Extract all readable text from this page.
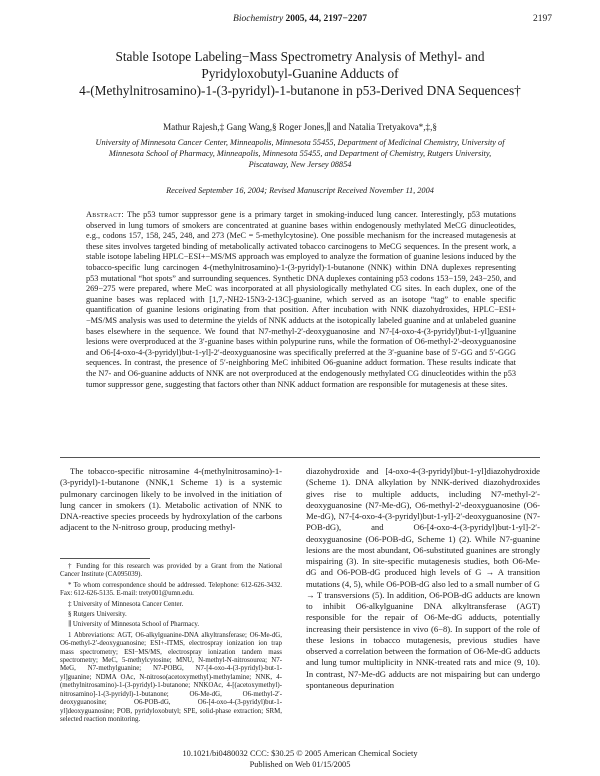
Biochemistry 2005, 44, 2197−2207	2197
Stable Isotope Labeling−Mass Spectrometry Analysis of Methyl- and
Pyridyloxobutyl-Guanine Adducts of
4-(Methylnitrosamino)-1-(3-pyridyl)-1-butanone in p53-Derived DNA Sequences†
Mathur Rajesh,‡ Gang Wang,§ Roger Jones,∥ and Natalia Tretyakova*,‡,§
University of Minnesota Cancer Center, Minneapolis, Minnesota 55455, Department of Medicinal Chemistry, University of
Minnesota School of Pharmacy, Minneapolis, Minnesota 55455, and Department of Chemistry, Rutgers University,
Piscataway, New Jersey 08854
Received September 16, 2004; Revised Manuscript Received November 11, 2004
Abstract: The p53 tumor suppressor gene is a primary target in smoking-induced lung cancer. Interestingly, p53 mutations observed in lung tumors of smokers are concentrated at guanine bases within endogenously methylated MeCG dinucleotides, e.g., codons 157, 158, 245, 248, and 273 (MeC = 5-methylcytosine). One possible mechanism for the increased mutagenesis at these sites involves targeted binding of metabolically activated tobacco carcinogens to MeCG sequences. In the present work, a stable isotope labeling HPLC−ESI+−MS/MS approach was employed to analyze the formation of guanine lesions induced by the tobacco-specific lung carcinogen 4-(methylnitrosamino)-1-(3-pyridyl)-1-butanone (NNK) within DNA duplexes representing p53 mutational “hot spots” and surrounding sequences. Synthetic DNA duplexes containing p53 codons 153−159, 243−250, and 269−275 were prepared, where MeC was incorporated at all physiologically methylated CG sites. In each duplex, one of the guanine bases was replaced with [1,7,-NH2-15N3-2-13C]-guanine, which served as an isotope “tag” to enable specific quantification of guanine lesions originating from that position. After incubation with NNK diazohydroxides, HPLC−ESI+−MS/MS analysis was used to determine the yields of NNK adducts at the isotopically labeled guanine and at unlabeled guanine bases elsewhere in the sequence. We found that N7-methyl-2′-deoxyguanosine and N7-[4-oxo-4-(3-pyridyl)but-1-yl]guanine lesions were overproduced at the 3′-guanine bases within polypurine runs, while the formation of O6-methyl-2′-deoxyguanosine and O6-[4-oxo-4-(3-pyridyl)but-1-yl]-2′-deoxyguanosine was specifically preferred at the 3′-guanine base of 5′-GG and 5′-GGG sequences. In contrast, the presence of 5′-neighboring MeC inhibited O6-guanine adduct formation. These results indicate that the N7- and O6-guanine adducts of NNK are not overproduced at the endogenously methylated CG dinucleotides within the p53 tumor suppressor gene, suggesting that factors other than NNK adduct formation are responsible for mutagenesis at these sites.
The tobacco-specific nitrosamine 4-(methylnitrosamino)-1-(3-pyridyl)-1-butanone (NNK,1 Scheme 1) is a systemic pulmonary carcinogen likely to be involved in the initiation of lung cancer in smokers (1). Metabolic activation of NNK to DNA-reactive species proceeds by hydroxylation of the carbons adjacent to the N-nitroso group, producing methyl-
diazohydroxide and [4-oxo-4-(3-pyridyl)but-1-yl]diazohydroxide (Scheme 1). DNA alkylation by NNK-derived diazohydroxides gives rise to multiple adducts, including N7-methyl-2′-deoxyguanosine (N7-Me-dG), O6-methyl-2′-deoxyguanosine (O6-Me-dG), N7-[4-oxo-4-(3-pyridyl)but-1-yl]-2′-deoxyguanosine (N7-POB-dG), and O6-[4-oxo-4-(3-pyridyl)but-1-yl]-2′-deoxyguanosine (O6-POB-dG, Scheme 1) (2). While N7-guanine lesions are the most abundant, O6-substituted guanines are strongly mispairing (3). In site-specific mutagenesis studies, both O6-Me-dG and O6-POB-dG produced high levels of G → A transition mutations (4, 5), while O6-POB-dG also led to a small number of G → T transversions (5). In addition, O6-POB-dG adducts are known to inhibit O6-alkylguanine DNA alkyltransferase (AGT) responsible for the repair of O6-Me-dG adducts, potentially increasing their persistence in vivo (6−8). In support of the role of these lesions in tobacco mutagenesis, previous studies have observed a correlation between the formation of O6-Me-dG adducts and lung tumor multiplicity in NNK-treated rats and mice (9, 10). In contrast, N7-Me-dG adducts are not mispairing but can undergo spontaneous depurination

† Funding for this research was provided by a Grant from the National Cancer Institute (CA095039).

* To whom correspondence should be addressed. Telephone: 612-626-3432. Fax: 612-626-5135. E-mail: trety001@umn.edu.

‡ University of Minnesota Cancer Center.

§ Rutgers University.

∥ University of Minnesota School of Pharmacy.

1 Abbreviations: AGT, O6-alkylguanine-DNA alkyltransferase; O6-Me-dG, O6-methyl-2′-deoxyguanosine; ESI+-ITMS, electrospray ionization ion trap mass spectrometry; ESI−MS/MS, electrospray ionization tandem mass spectrometry; MeC, 5-methylcytosine; MNU, N-methyl-N-nitrosourea; N7-MeG, N7-methylguanine; N7-POBG, N7-[4-oxo-4-(3-pyridyl)-but-1-yl]guanine; NDMA OAc, N-nitroso(acetoxymethyl)-methylamine; NNK, 4-(methylnitrosamino)-1-(3-pyridyl)-1-butanone; NNKOAc, 4-[(acetoxymethyl)-nitrosamino]-1-(3-pyridyl)-1-butanone; O6-Me-dG, O6-methyl-2′-deoxyguanosine; O6-POB-dG, O6-[4-oxo-4-(3-pyridyl)but-1-yl]deoxyguanosine; POB, pyridyloxobutyl; SPE, solid-phase extraction; SRM, selected reaction monitoring.

10.1021/bi0480032 CCC: $30.25 © 2005 American Chemical Society
Published on Web 01/15/2005
